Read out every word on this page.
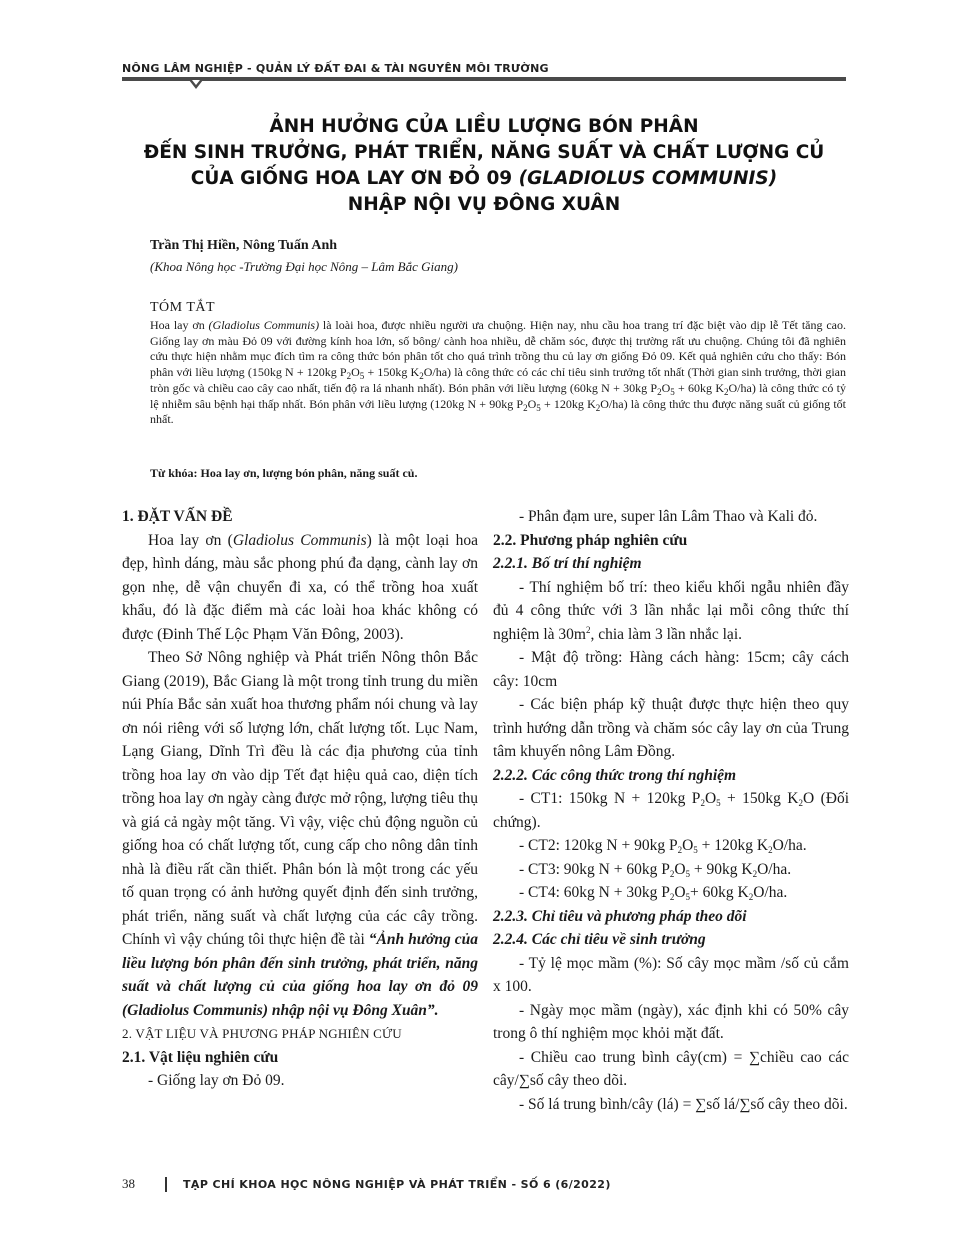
NÔNG LÂM NGHIỆP - QUẢN LÝ ĐẤT ĐAI & TÀI NGUYÊN MÔI TRƯỜNG
ẢNH HƯỞNG CỦA LIỀU LƯỢNG BÓN PHÂN
ĐẾN SINH TRƯỞNG, PHÁT TRIỂN, NĂNG SUẤT VÀ CHẤT LƯỢNG CỦ
CỦA GIỐNG HOA LAY ƠN ĐỎ 09 (GLADIOLUS COMMUNIS)
NHẬP NỘI VỤ ĐÔNG XUÂN
Trần Thị Hiền, Nông Tuấn Anh
(Khoa Nông học -Trường Đại học Nông – Lâm Bắc Giang)
TÓM TẮT
Hoa lay ơn (Gladiolus Communis) là loài hoa, được nhiều người ưa chuộng. Hiện nay, nhu cầu hoa trang trí đặc biệt vào dịp lễ Tết tăng cao. Giống lay ơn màu Đỏ 09 với đường kính hoa lớn, số bông/ cành hoa nhiều, dễ chăm sóc, được thị trường rất ưu chuộng. Chúng tôi đã nghiên cứu thực hiện nhằm mục đích tìm ra công thức bón phân tốt cho quá trình trồng thu củ lay ơn giống Đỏ 09. Kết quả nghiên cứu cho thấy: Bón phân với liều lượng (150kg N + 120kg $P_2O_5 + 150kg$ $K_2O/ha$) là công thức có các chỉ tiêu sinh trưởng tốt nhất (Thời gian sinh trưởng, thời gian tròn gốc và chiều cao cây cao nhất, tiến độ ra lá nhanh nhất). Bón phân với liều lượng (60kg N + 30kg $P_2O_5 + 60kg$ $K_2O/ha$) là công thức có tỷ lệ nhiễm sâu bệnh hại thấp nhất. Bón phân với liều lượng (120kg N + 90kg $P_2O_5 + 120kg$ $K_2O/ha$) là công thức thu được năng suất củ giống tốt nhất.
Từ khóa: Hoa lay ơn, lượng bón phân, năng suất củ.

1. ĐẶT VẤN ĐỀ

Hoa lay ơn (Gladiolus Communis) là một loại hoa đẹp, hình dáng, màu sắc phong phú đa dạng, cành lay ơn gọn nhẹ, dễ vận chuyển đi xa, có thể trồng hoa xuất khẩu, đó là đặc điểm mà các loài hoa khác không có được (Đinh Thế Lộc Phạm Văn Đông, 2003).

Theo Sở Nông nghiệp và Phát triển Nông thôn Bắc Giang (2019), Bắc Giang là một trong tỉnh trung du miền núi Phía Bắc sản xuất hoa thương phẩm nói chung và lay ơn nói riêng với số lượng lớn, chất lượng tốt. Lục Nam, Lạng Giang, Dĩnh Trì đều là các địa phương của tỉnh trồng hoa lay ơn vào dịp Tết đạt hiệu quả cao, diện tích trồng hoa lay ơn ngày càng được mở rộng, lượng tiêu thụ và giá cả ngày một tăng. Vì vậy, việc chủ động nguồn củ giống hoa có chất lượng tốt, cung cấp cho nông dân tỉnh nhà là điều rất cần thiết. Phân bón là một trong các yếu tố quan trọng có ảnh hưởng quyết định đến sinh trưởng, phát triển, năng suất và chất lượng của các cây trồng. Chính vì vậy chúng tôi thực hiện đề tài “Ảnh hưởng của liều lượng bón phân đến sinh trưởng, phát triển, năng suất và chất lượng củ của giống hoa lay ơn đỏ 09 (Gladiolus Communis) nhập nội vụ Đông Xuân”.

2. VẬT LIỆU VÀ PHƯƠNG PHÁP NGHIÊN CỨU

2.1. Vật liệu nghiên cứu

- Giống lay ơn Đỏ 09.

- Phân đạm ure, super lân Lâm Thao và Kali đỏ.

2.2. Phương pháp nghiên cứu

2.2.1. Bố trí thí nghiệm

- Thí nghiệm bố trí: theo kiểu khối ngẫu nhiên đầy đủ 4 công thức với 3 lần nhắc lại mỗi công thức thí nghiệm là $30m^2$, chia làm 3 lần nhắc lại.

- Mật độ trồng: Hàng cách hàng: 15cm; cây cách cây: 10cm

- Các biện pháp kỹ thuật được thực hiện theo quy trình hướng dẫn trồng và chăm sóc cây lay ơn của Trung tâm khuyến nông Lâm Đồng.

2.2.2. Các công thức trong thí nghiệm

- CT1: 150kg N + 120kg $P_2O_5 + 150kg$ $K_2O$ (Đối chứng).

- CT2: 120kg N + 90kg $P_2O_5 + 120kg$ $K_2O/ha$.

- CT3: 90kg N + 60kg $P_2O_5 + 90kg$ $K_2O/ha$.

- CT4: 60kg N + 30kg $P_2O_5+ 60kg$ $K_2O/ha$.

2.2.3. Chỉ tiêu và phương pháp theo dõi

2.2.4. Các chỉ tiêu về sinh trưởng

- Tỷ lệ mọc mầm (%): Số cây mọc mầm /số củ cắm x 100.

- Ngày mọc mầm (ngày), xác định khi có 50% cây trong ô thí nghiệm mọc khỏi mặt đất.

- Chiều cao trung bình cây(cm) = ∑chiều cao các cây/∑số cây theo dõi.

- Số lá trung bình/cây (lá) = ∑số lá/∑số cây theo dõi.

38	TẠP CHÍ KHOA HỌC NÔNG NGHIỆP VÀ PHÁT TRIỂN - SỐ 6 (6/2022)
